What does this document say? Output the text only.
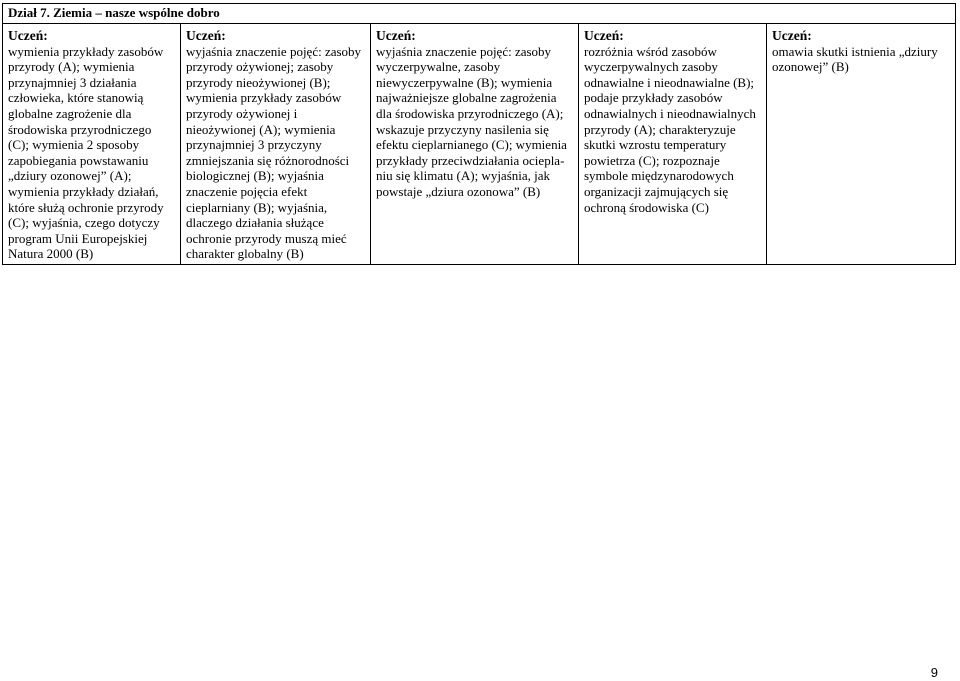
Dział 7. Ziemia – nasze wspólne dobro

Uczeń:
wymienia przykłady zasobów przyrody (A); wymienia przynajmniej 3 działania człowieka, które stanowią globalne zagrożenie dla środowiska przyrodniczego (C); wymienia 2 sposoby zapobiegania powstawaniu „dziury ozonowej” (A); wymienia przykłady działań, które służą ochronie przyrody (C); wyjaśnia, czego dotyczy program Unii Europejskiej Natura 2000 (B)

Uczeń:
wyjaśnia znaczenie pojęć: zasoby przyrody ożywionej; zasoby przyrody nieożywionej (B); wymienia przykłady zasobów przyrody ożywionej i nieożywionej (A); wymienia przynajmniej 3 przyczyny zmniejszania się różnorodności biologicznej (B); wyjaśnia znaczenie pojęcia efekt cieplarniany (B); wyjaśnia, dlaczego działania służące ochronie przyrody muszą mieć charakter globalny (B)

Uczeń:
wyjaśnia znaczenie pojęć: zasoby wyczerpywalne, zasoby niewyczerpywalne (B); wymienia najważniejsze globalne zagrożenia dla środowiska przyrodniczego (A); wskazuje przyczyny nasilenia się efektu cieplarnianego (C); wymienia przykłady przeciwdziałania ocieplaniu się klimatu (A); wyjaśnia, jak powstaje „dziura ozonowa” (B)

Uczeń:
rozróżnia wśród zasobów wyczerpywalnych zasoby odnawialne i nieodnawialne (B); podaje przykłady zasobów odnawialnych i nieodnawialnych przyrody (A); charakteryzuje skutki wzrostu temperatury powietrza (C); rozpoznaje symbole międzynarodowych organizacji zajmujących się ochroną środowiska (C)

Uczeń:
omawia skutki istnienia „dziury ozonowej” (B)
9
